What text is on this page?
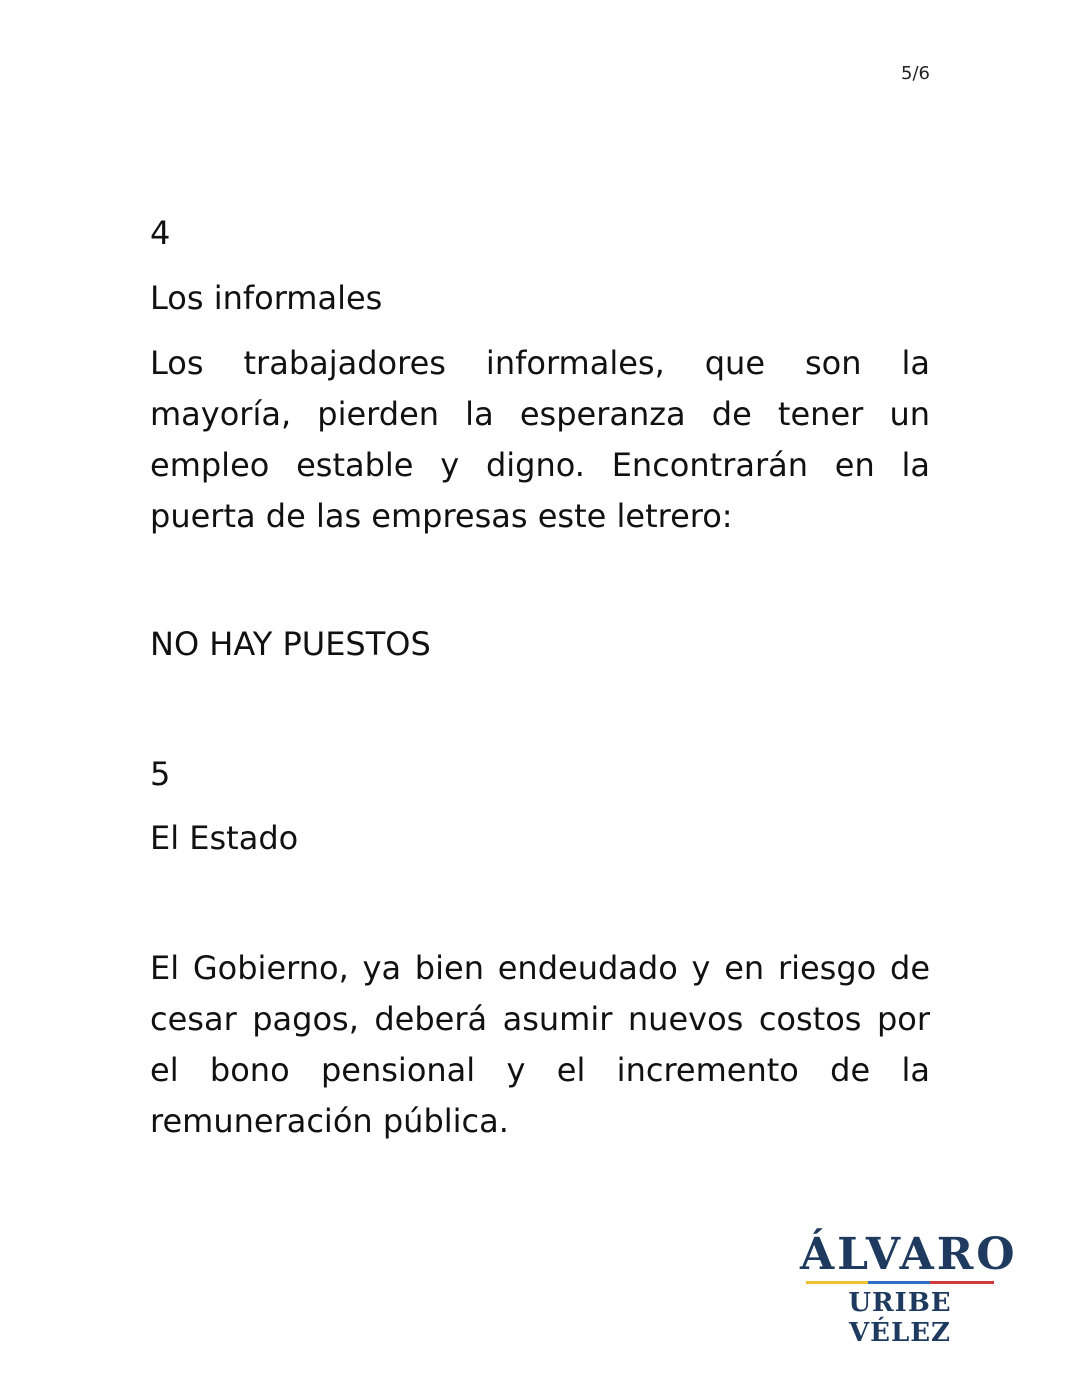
5/6
4
Los informales

Los trabajadores informales, que son la mayoría, pierden la esperanza de tener un empleo estable y digno. Encontrarán en la puerta de las empresas este letrero:

NO HAY PUESTOS
5
El Estado

El Gobierno, ya bien endeudado y en riesgo de cesar pagos, deberá asumir nuevos costos por el bono pensional y el incremento de la remuneración pública.

ÁLVARO
URIBE VÉLEZ
